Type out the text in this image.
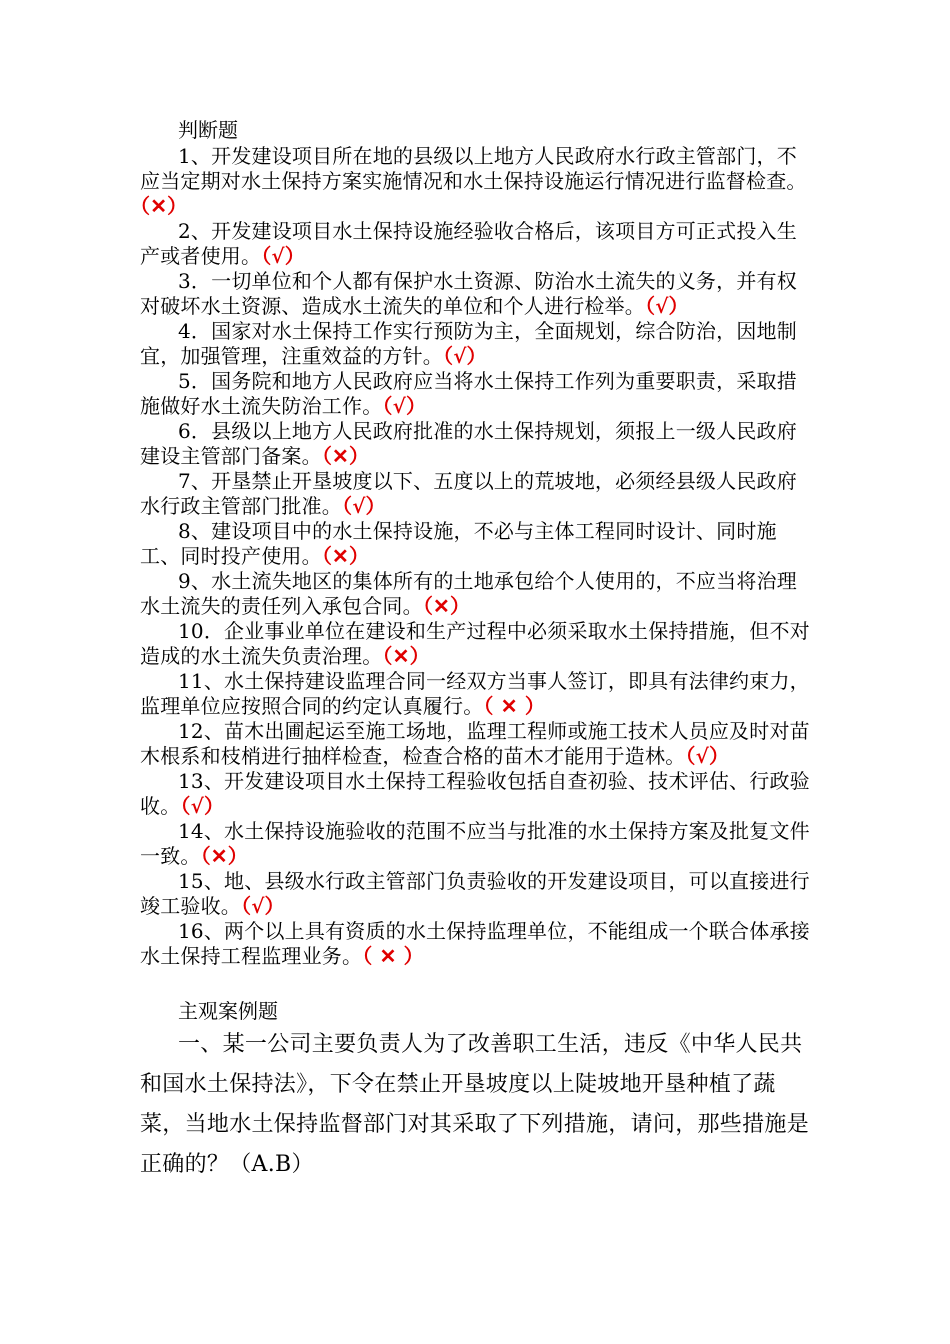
判断题
1、开发建设项目所在地的县级以上地方人民政府水行政主管部门，不应当定期对水土保持方案实施情况和水土保持设施运行情况进行监督检查。（✕）
2、开发建设项目水土保持设施经验收合格后，该项目方可正式投入生产或者使用。（√）
3．一切单位和个人都有保护水土资源、防治水土流失的义务，并有权对破坏水土资源、造成水土流失的单位和个人进行检举。（√）
4．国家对水土保持工作实行预防为主，全面规划，综合防治，因地制宜，加强管理，注重效益的方针。（√）
5．国务院和地方人民政府应当将水土保持工作列为重要职责，采取措施做好水土流失防治工作。（√）
6．县级以上地方人民政府批准的水土保持规划，须报上一级人民政府建设主管部门备案。（✕）
7、开垦禁止开垦坡度以下、五度以上的荒坡地，必须经县级人民政府水行政主管部门批准。（√）
8、建设项目中的水土保持设施，不必与主体工程同时设计、同时施工、同时投产使用。（✕）
9、水土流失地区的集体所有的土地承包给个人使用的，不应当将治理水土流失的责任列入承包合同。（✕）
10．企业事业单位在建设和生产过程中必须采取水土保持措施，但不对造成的水土流失负责治理。（✕）
11、水土保持建设监理合同一经双方当事人签订，即具有法律约束力，监理单位应按照合同的约定认真履行。（ ✕ ）
12、苗木出圃起运至施工场地，监理工程师或施工技术人员应及时对苗木根系和枝梢进行抽样检查，检查合格的苗木才能用于造林。（√）
13、开发建设项目水土保持工程验收包括自查初验、技术评估、行政验收。（√）
14、水土保持设施验收的范围不应当与批准的水土保持方案及批复文件一致。（✕）
15、地、县级水行政主管部门负责验收的开发建设项目，可以直接进行竣工验收。（√）
16、两个以上具有资质的水土保持监理单位，不能组成一个联合体承接水土保持工程监理业务。（ ✕ ）
主观案例题
一、某一公司主要负责人为了改善职工生活，违反《中华人民共和国水土保持法》，下令在禁止开垦坡度以上陡坡地开垦种植了蔬菜，当地水土保持监督部门对其采取了下列措施，请问，那些措施是正确的？（A.B）
